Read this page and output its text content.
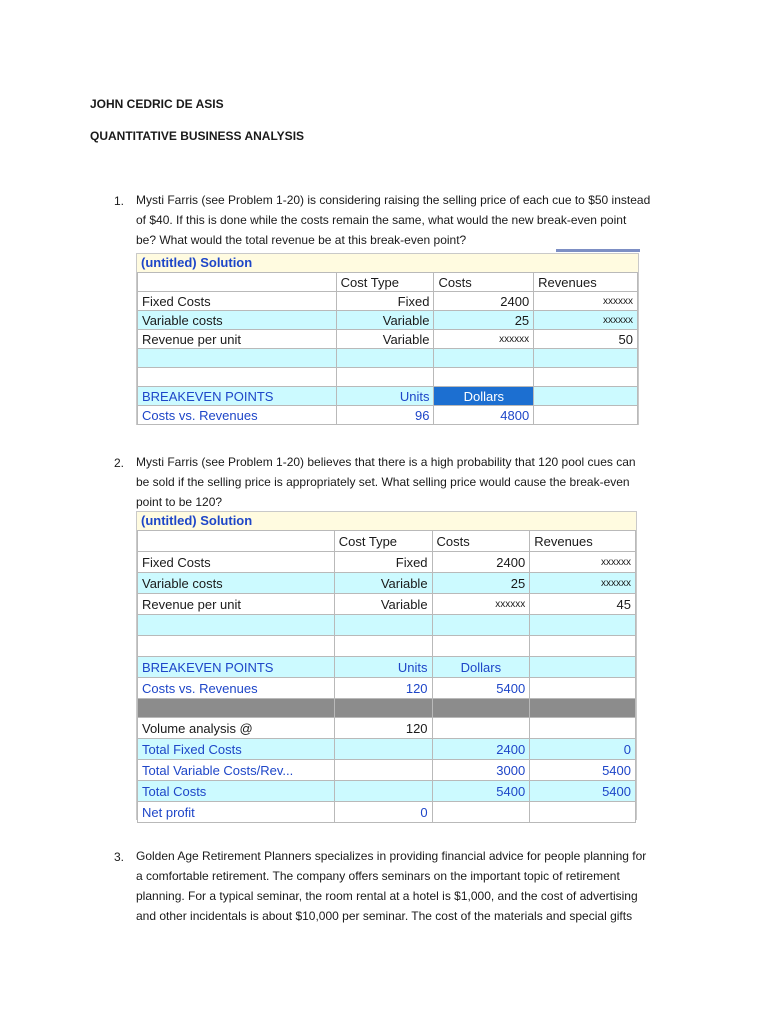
JOHN CEDRIC DE ASIS
QUANTITATIVE BUSINESS ANALYSIS
1. Mysti Farris (see Problem 1-20) is considering raising the selling price of each cue to $50 instead
of $40. If this is done while the costs remain the same, what would the new break-even point
be? What would the total revenue be at this break-even point?
(untitled) Solution
	Cost Type	Costs	Revenues
Fixed Costs	Fixed	2400	xxxxxx
Variable costs	Variable	25	xxxxxx
Revenue per unit	Variable	xxxxxx	50

BREAKEVEN POINTS	Units	Dollars	
Costs vs. Revenues	96	4800	
2. Mysti Farris (see Problem 1-20) believes that there is a high probability that 120 pool cues can
be sold if the selling price is appropriately set. What selling price would cause the break-even
point to be 120?
(untitled) Solution
	Cost Type	Costs	Revenues
Fixed Costs	Fixed	2400	xxxxxx
Variable costs	Variable	25	xxxxxx
Revenue per unit	Variable	xxxxxx	45

BREAKEVEN POINTS	Units	Dollars	
Costs vs. Revenues	120	5400	

Volume analysis @	120		
Total Fixed Costs		2400	0
Total Variable Costs/Rev...		3000	5400
Total Costs		5400	5400
Net profit	0		
3. Golden Age Retirement Planners specializes in providing financial advice for people planning for
a comfortable retirement. The company offers seminars on the important topic of retirement
planning. For a typical seminar, the room rental at a hotel is $1,000, and the cost of advertising
and other incidentals is about $10,000 per seminar. The cost of the materials and special gifts
